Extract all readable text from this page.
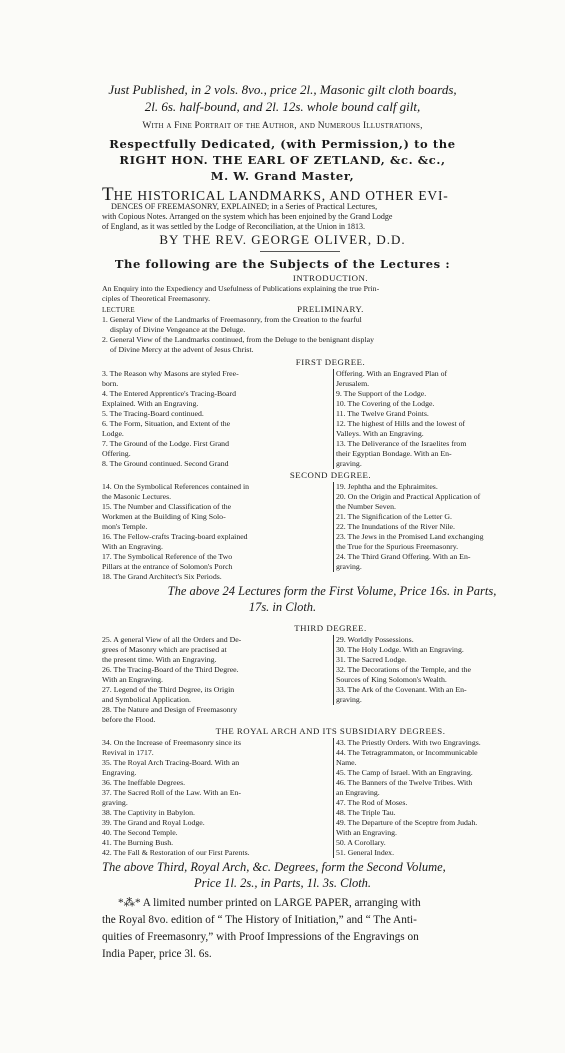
Just Published, in 2 vols. 8vo., price 2l., Masonic gilt cloth boards,

2l. 6s. half-bound, and 2l. 12s. whole bound calf gilt,

With a Fine Portrait of the Author, and Numerous Illustrations,

Respectfully Dedicated, (with Permission,) to the

RIGHT HON. THE EARL OF ZETLAND, &c. &c.,

M. W. Grand Master,

THE HISTORICAL LANDMARKS, AND OTHER EVI-
DENCES OF FREEMASONRY, EXPLAINED; in a Series of Practical Lectures,
with Copious Notes. Arranged on the system which has been enjoined by the Grand Lodge
of England, as it was settled by the Lodge of Reconciliation, at the Union in 1813.

BY THE REV. GEORGE OLIVER, D.D.

The following are the Subjects of the Lectures :

INTRODUCTION.
An Enquiry into the Expediency and Usefulness of Publications explaining the true Prin-
ciples of Theoretical Freemasonry.
LECTURE	PRELIMINARY.
1. General View of the Landmarks of Freemasonry, from the Creation to the fearful
display of Divine Vengeance at the Deluge.
2. General View of the Landmarks continued, from the Deluge to the benignant display
of Divine Mercy at the advent of Jesus Christ.
FIRST DEGREE.
3. The Reason why Masons are styled Free-
born.
4. The Entered Apprentice's Tracing-Board
Explained. With an Engraving.
5. The Tracing-Board continued.
6. The Form, Situation, and Extent of the
Lodge.
7. The Ground of the Lodge. First Grand
Offering.
8. The Ground continued. Second Grand
Offering. With an Engraved Plan of
Jerusalem.
9. The Support of the Lodge.
10. The Covering of the Lodge.
11. The Twelve Grand Points.
12. The highest of Hills and the lowest of
Valleys. With an Engraving.
13. The Deliverance of the Israelites from
their Egyptian Bondage. With an En-
graving.
SECOND DEGREE.
14. On the Symbolical References contained in
the Masonic Lectures.
15. The Number and Classification of the
Workmen at the Building of King Solo-
mon's Temple.
16. The Fellow-crafts Tracing-board explained
With an Engraving.
17. The Symbolical Reference of the Two
Pillars at the entrance of Solomon's Porch
19. Jephtha and the Ephraimites.
20. On the Origin and Practical Application of
the Number Seven.
21. The Signification of the Letter G.
22. The Inundations of the River Nile.
23. The Jews in the Promised Land exchanging
the True for the Spurious Freemasonry.
24. The Third Grand Offering. With an En-
graving.
18. The Grand Architect's Six Periods.

The above 24 Lectures form the First Volume, Price 16s. in Parts,

17s. in Cloth.

THIRD DEGREE.
25. A general View of all the Orders and De-
grees of Masonry which are practised at
the present time. With an Engraving.
26. The Tracing-Board of the Third Degree.
With an Engraving.
27. Legend of the Third Degree, its Origin
and Symbolical Application.
28. The Nature and Design of Freemasonry
before the Flood.
29. Worldly Possessions.
30. The Holy Lodge. With an Engraving.
31. The Sacred Lodge.
32. The Decorations of the Temple, and the
Sources of King Solomon's Wealth.
33. The Ark of the Covenant. With an En-
graving.
THE ROYAL ARCH AND ITS SUBSIDIARY DEGREES.
34. On the Increase of Freemasonry since its
Revival in 1717.
35. The Royal Arch Tracing-Board. With an
Engraving.
36. The Ineffable Degrees.
37. The Sacred Roll of the Law. With an En-
graving.
38. The Captivity in Babylon.
39. The Grand and Royal Lodge.
40. The Second Temple.
41. The Burning Bush.
42. The Fall & Restoration of our First Parents.
43. The Priestly Orders. With two Engravings.
44. The Tetragrammaton, or Incommunicable
Name.
45. The Camp of Israel. With an Engraving.
46. The Banners of the Twelve Tribes. With
an Engraving.
47. The Rod of Moses.
48. The Triple Tau.
49. The Departure of the Sceptre from Judah.
With an Engraving.
50. A Corollary.
51. General Index.

The above Third, Royal Arch, &c. Degrees, form the Second Volume,

Price 1l. 2s., in Parts, 1l. 3s. Cloth.

*⁂* A limited number printed on LARGE PAPER, arranging with
the Royal 8vo. edition of “ The History of Initiation,” and “ The Anti-
quities of Freemasonry,” with Proof Impressions of the Engravings on
India Paper, price 3l. 6s.
